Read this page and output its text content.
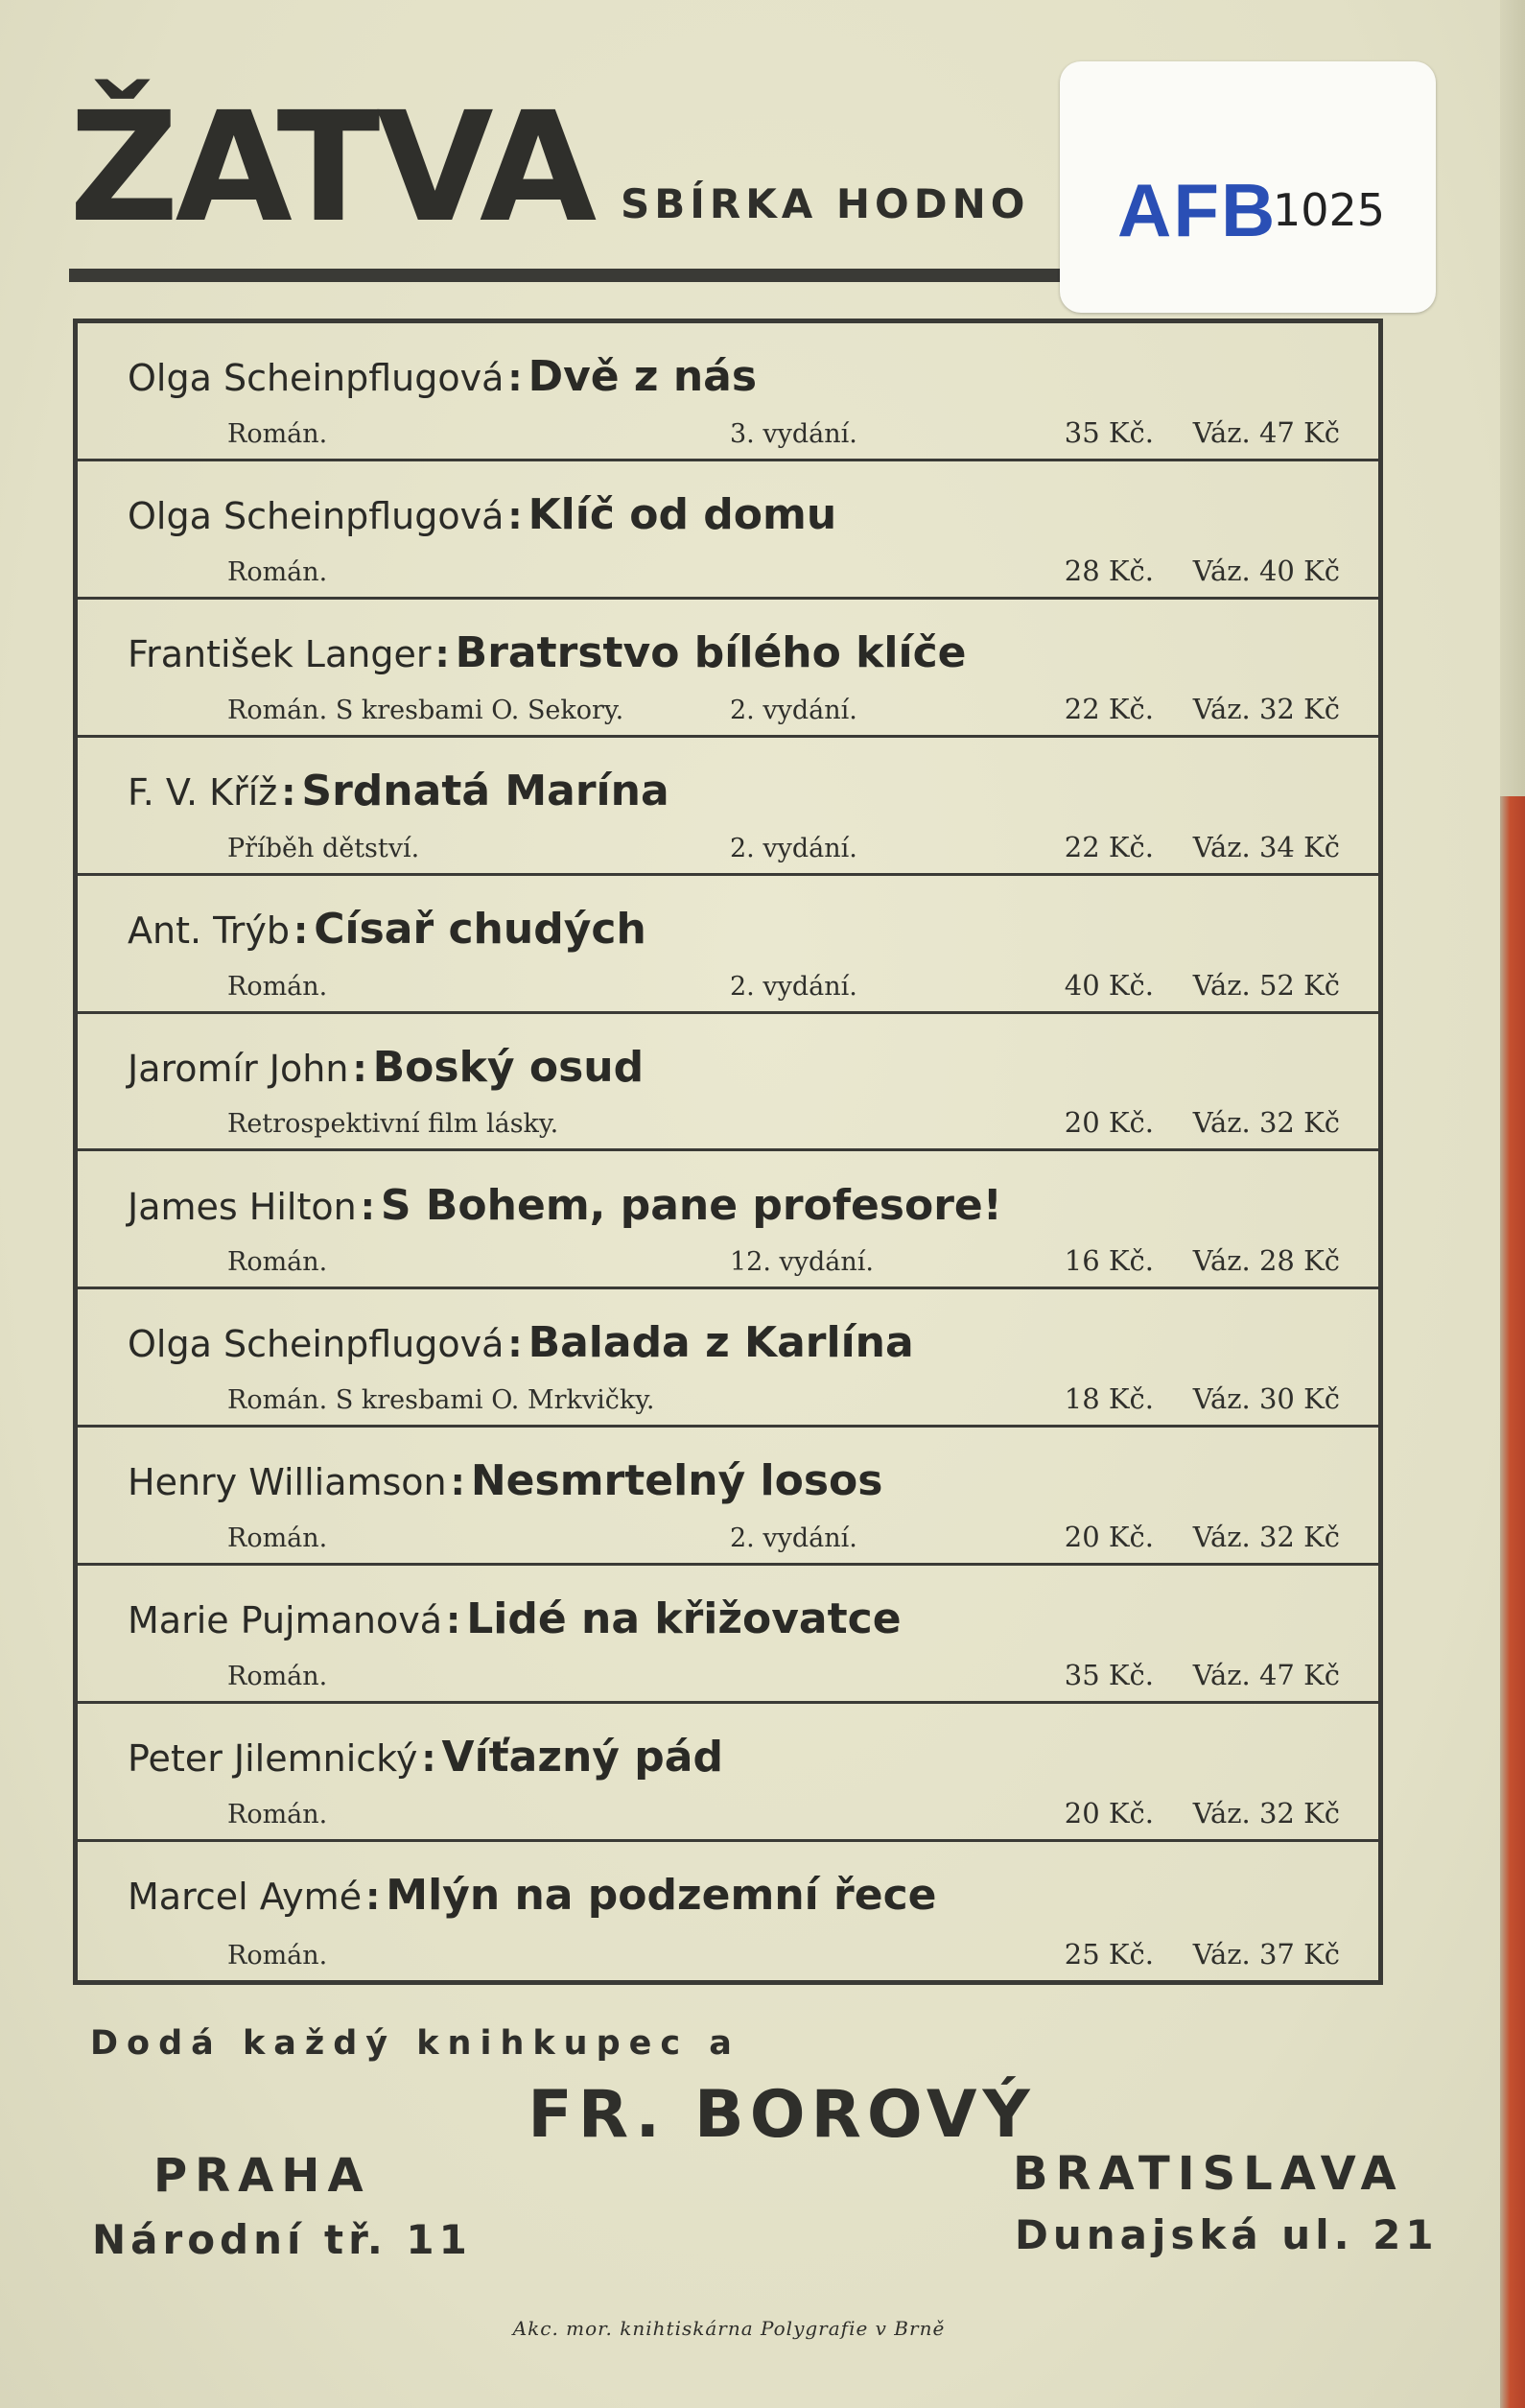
ŽATVA SBÍRKA HODNO AFB
1025
Olga Scheinpflugová : Dvě z nás
Román.	3. vydání.	35 Kč. Váz. 47 Kč
Olga Scheinpflugová : Klíč od domu
Román.	28 Kč. Váz. 40 Kč
František Langer : Bratrstvo bílého klíče
Román. S kresbami O. Sekory.	2. vydání.	22 Kč. Váz. 32 Kč
F. V. Kříž : Srdnatá Marína
Příběh dětství.	2. vydání.	22 Kč. Váz. 34 Kč
Ant. Trýb : Císař chudých
Román.	2. vydání.	40 Kč. Váz. 52 Kč
Jaromír John : Boský osud
Retrospektivní film lásky.	20 Kč. Váz. 32 Kč
James Hilton : S Bohem, pane profesore!
Román.	12. vydání.	16 Kč. Váz. 28 Kč
Olga Scheinpflugová : Balada z Karlína
Román. S kresbami O. Mrkvičky.	18 Kč. Váz. 30 Kč
Henry Williamson : Nesmrtelný losos
Román.	2. vydání.	20 Kč. Váz. 32 Kč
Marie Pujmanová : Lidé na křižovatce
Román.	35 Kč. Váz. 47 Kč
Peter Jilemnický : Víťazný pád
Román.	20 Kč. Váz. 32 Kč
Marcel Aymé : Mlýn na podzemní řece
Román.	25 Kč. Váz. 37 Kč
Dodá každý knihkupec a
FR. BOROVÝ
PRAHA
Národní tř. 11
BRATISLAVA
Dunajská ul. 21
Akc. mor. knihtiskárna Polygrafie v Brně
